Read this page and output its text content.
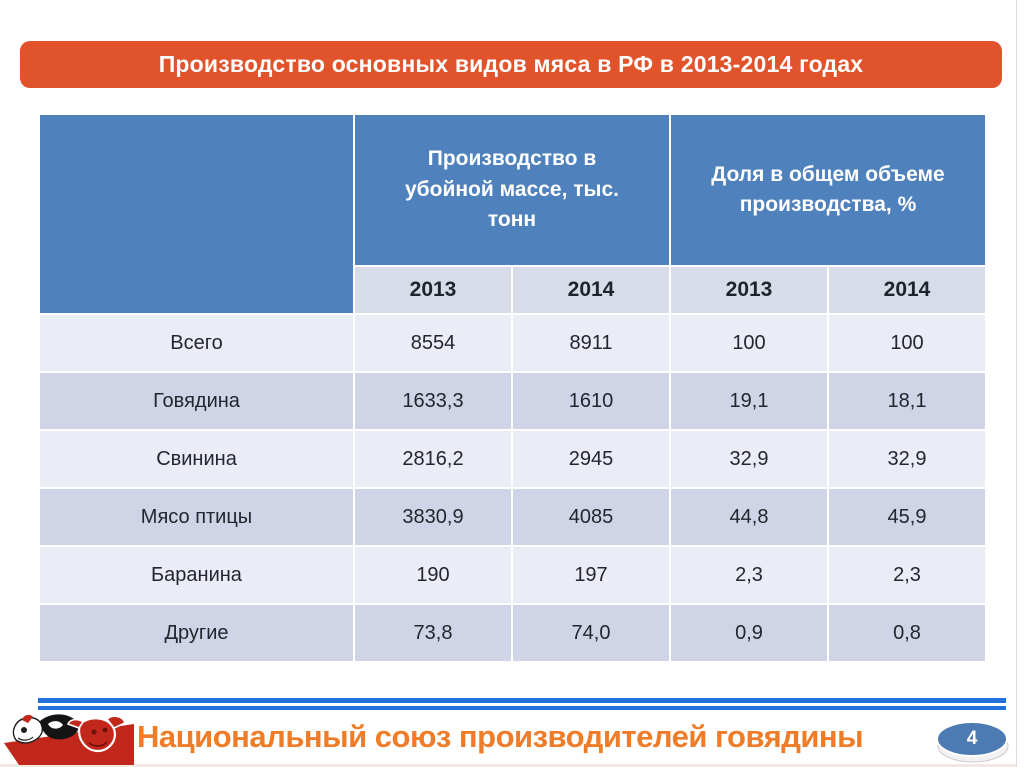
Производство основных видов мяса в РФ в 2013-2014 годах
Производство в убойной массе, тыс. тонн
Доля в общем объеме производства, %
2013	2014	2013	2014
Всего	8554	8911	100	100
Говядина	1633,3	1610	19,1	18,1
Свинина	2816,2	2945	32,9	32,9
Мясо птицы	3830,9	4085	44,8	45,9
Баранина	190	197	2,3	2,3
Другие	73,8	74,0	0,9	0,8
Национальный союз производителей говядины	4
